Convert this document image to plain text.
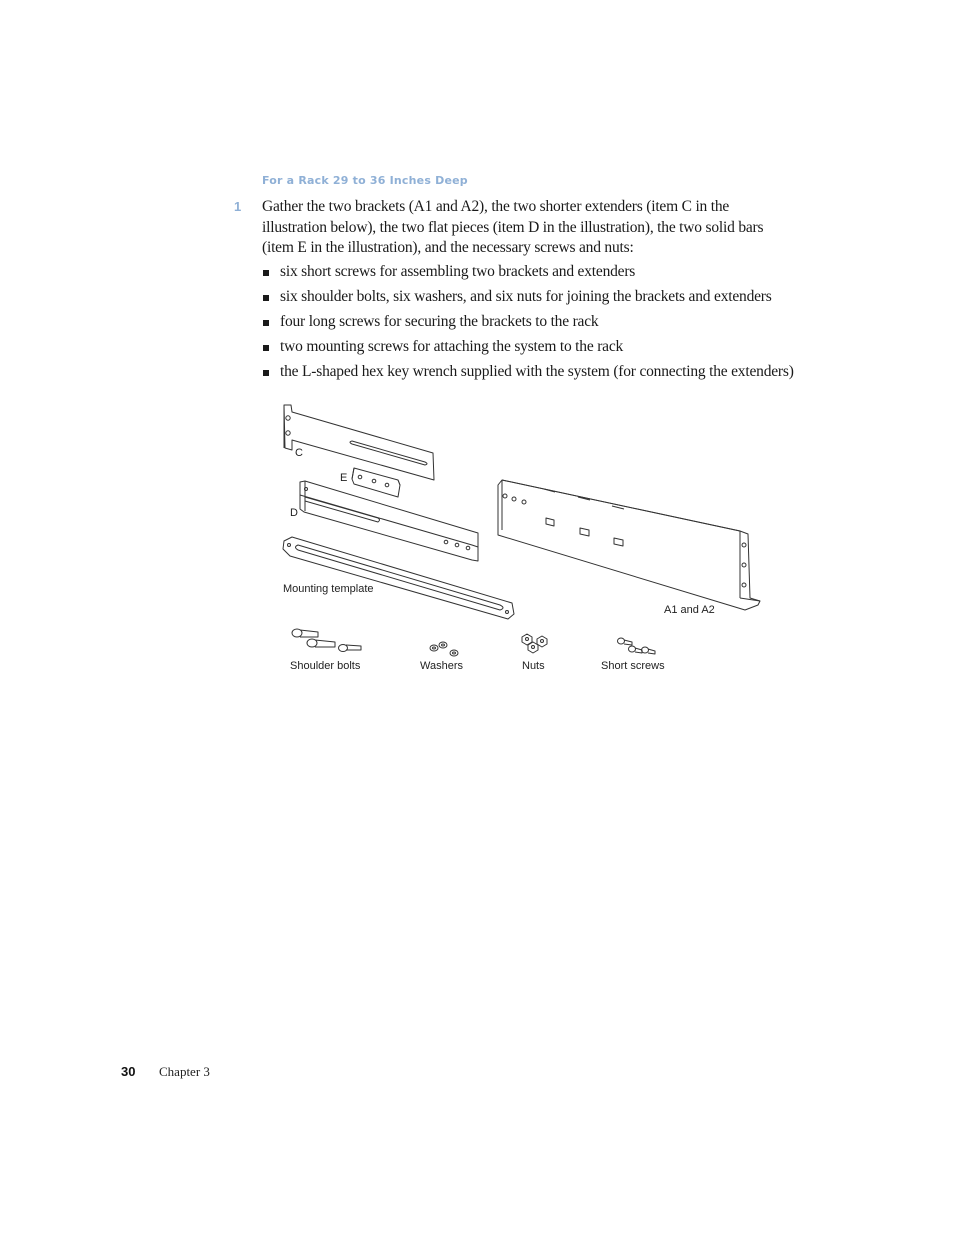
For a Rack 29 to 36 Inches Deep
1 Gather the two brackets (A1 and A2), the two shorter extenders (item C in the illustration below), the two flat pieces (item D in the illustration), the two solid bars (item E in the illustration), and the necessary screws and nuts:
six short screws for assembling two brackets and extenders
six shoulder bolts, six washers, and six nuts for joining the brackets and extenders
four long screws for securing the brackets to the rack
two mounting screws for attaching the system to the rack
the L-shaped hex key wrench supplied with the system (for connecting the extenders)
C
E
D
Mounting template
A1 and A2
Shoulder bolts	Washers	Nuts	Short screws
30 Chapter 3
